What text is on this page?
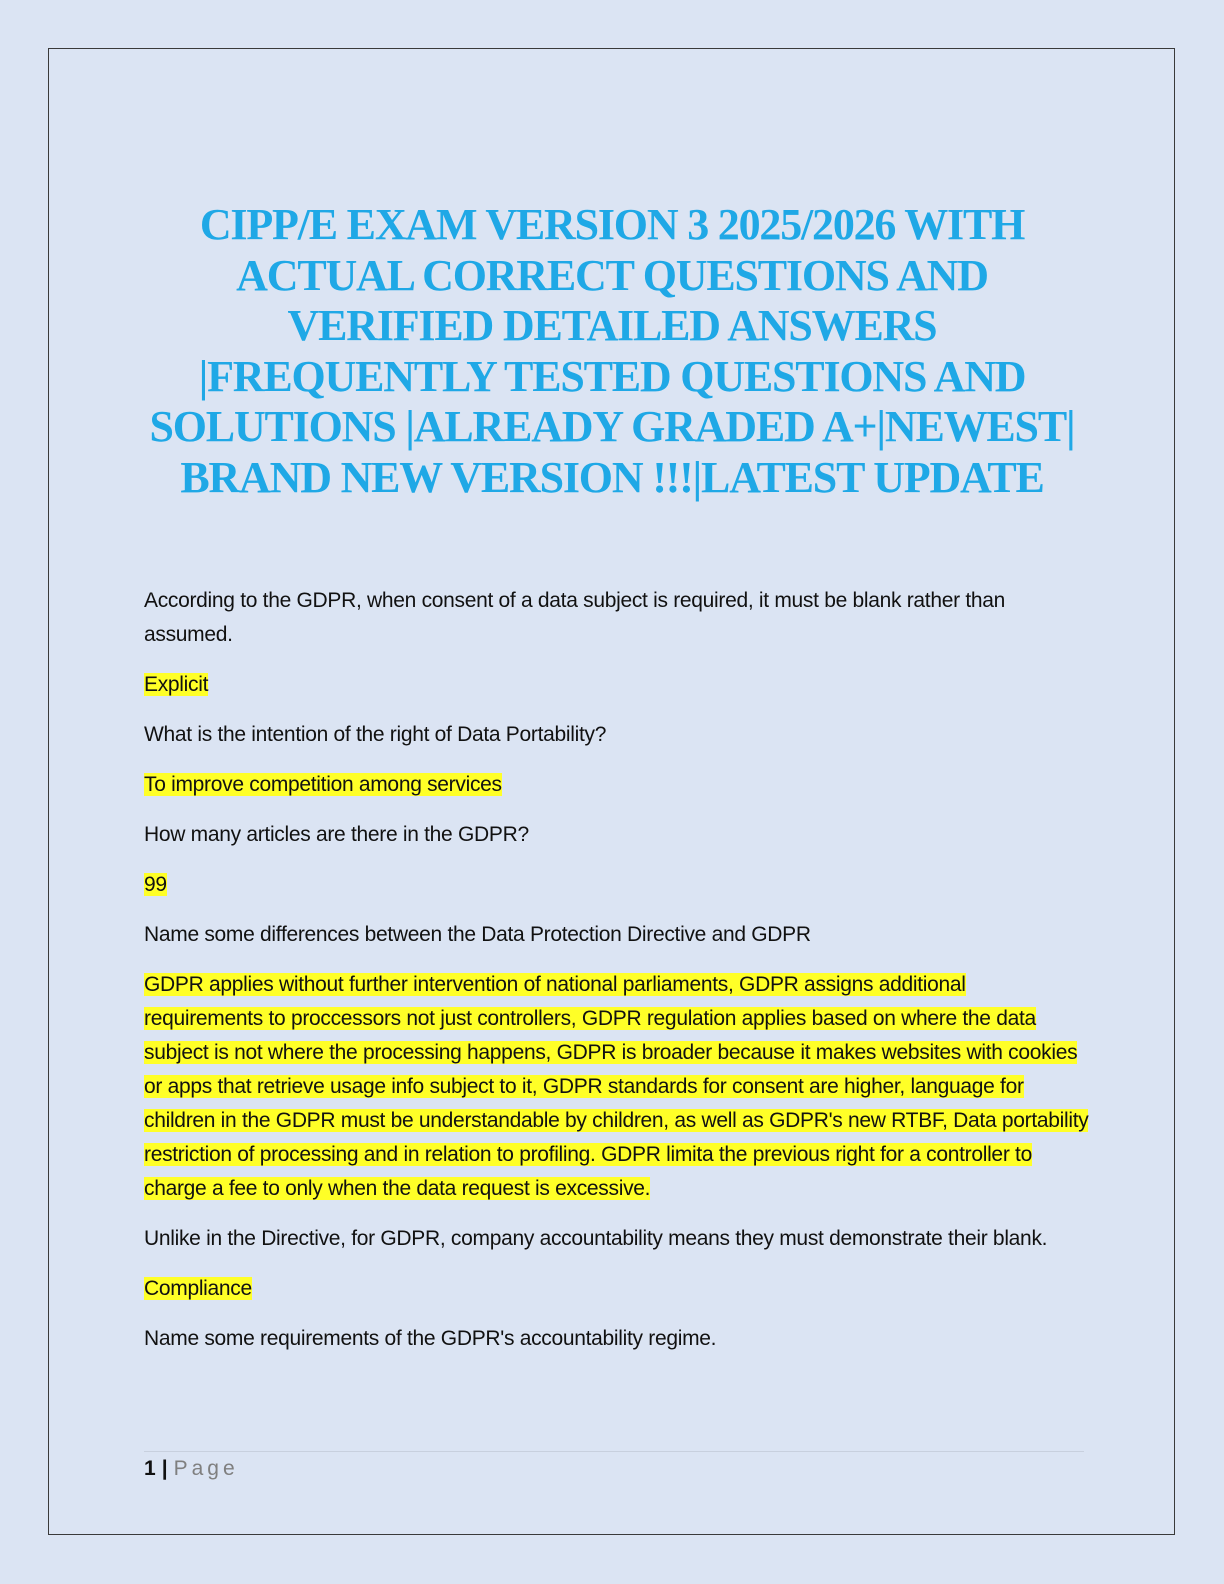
CIPP/E EXAM VERSION 3 2025/2026 WITH
ACTUAL CORRECT QUESTIONS AND
VERIFIED DETAILED ANSWERS
|FREQUENTLY TESTED QUESTIONS AND
SOLUTIONS |ALREADY GRADED A+|NEWEST|
BRAND NEW VERSION !!!|LATEST UPDATE

According to the GDPR, when consent of a data subject is required, it must be blank rather than assumed.

Explicit

What is the intention of the right of Data Portability?

To improve competition among services

How many articles are there in the GDPR?

99

Name some differences between the Data Protection Directive and GDPR

GDPR applies without further intervention of national parliaments, GDPR assigns additional requirements to proccessors not just controllers, GDPR regulation applies based on where the data subject is not where the processing happens, GDPR is broader because it makes websites with cookies or apps that retrieve usage info subject to it, GDPR standards for consent are higher, language for children in the GDPR must be understandable by children, as well as GDPR's new RTBF, Data portability restriction of processing and in relation to profiling. GDPR limita the previous right for a controller to charge a fee to only when the data request is excessive.

Unlike in the Directive, for GDPR, company accountability means they must demonstrate their blank.

Compliance

Name some requirements of the GDPR's accountability regime.

1 | Page
